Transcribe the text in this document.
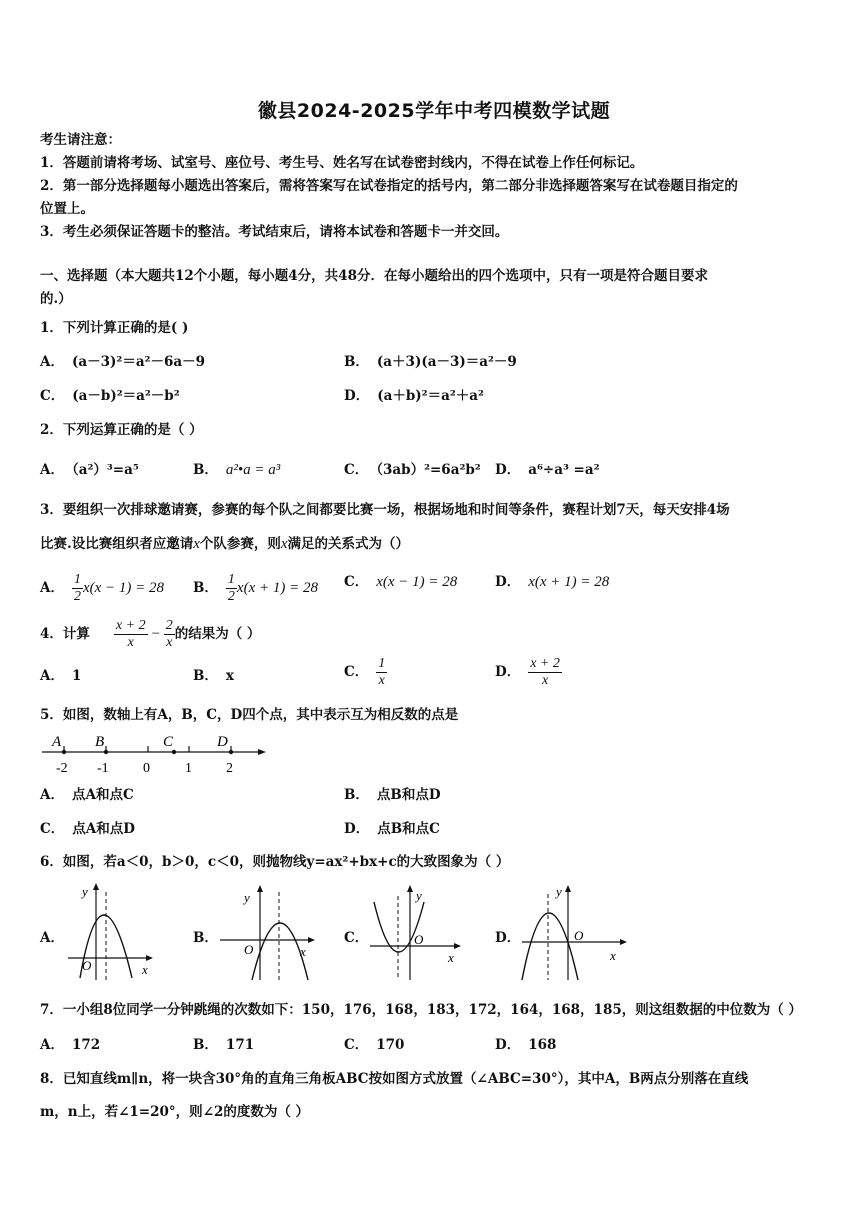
徽县2024-2025学年中考四模数学试题
考生请注意：
1．答题前请将考场、试室号、座位号、考生号、姓名写在试卷密封线内，不得在试卷上作任何标记。
2．第一部分选择题每小题选出答案后，需将答案写在试卷指定的括号内，第二部分非选择题答案写在试卷题目指定的
位置上。
3．考生必须保证答题卡的整洁。考试结束后，请将本试卷和答题卡一并交回。
一、选择题（本大题共12个小题，每小题4分，共48分．在每小题给出的四个选项中，只有一项是符合题目要求
的.）
1．下列计算正确的是( )
A． (a－3)²＝a²－6a－9	B． (a＋3)(a－3)＝a²－9
C． (a－b)²＝a²－b²	D． (a＋b)²＝a²＋a²
2．下列运算正确的是（ ）
A． （a²）³=a⁵	B． a²•a = a³	C． （3ab）²=6a²b² D． a⁶÷a³ =a²
3．要组织一次排球邀请赛，参赛的每个队之间都要比赛一场，根据场地和时间等条件，赛程计划7天，每天安排4场
比赛.设比赛组织者应邀请x个队参赛，则x满足的关系式为（）
A． $\frac{1}{2} x(x - 1) = 28$ B． $\frac{1}{2} x(x + 1) = 28$ C． x(x − 1) = 28	D． x(x + 1) = 28
4．计算 $\frac{x + 2}{x} - \frac{2}{x}$ 的结果为（ ）
A． 1	B． x	C． $\frac{1}{x}$	D． $\frac{x + 2}{x}$
5．如图，数轴上有A，B，C，D四个点，其中表示互为相反数的点是
A B	C	D
-2 -1 0	1 2
A． 点A和点C	B． 点B和点D
C． 点A和点D	D． 点B和点C
6．如图，若a＜0，b＞0，c＜0，则抛物线y=ax²+bx+c的大致图象为（ ）
A．
x
y
O
B．
x
y
O
C．
x
y
O	D．
x
y
O
7．一小组8位同学一分钟跳绳的次数如下：150，176，168，183，172，164，168，185，则这组数据的中位数为（ ）
A． 172	B． 171	C． 170	D． 168
8．已知直线m∥n，将一块含30°角的直角三角板ABC按如图方式放置（∠ABC=30°），其中A，B两点分别落在直线
m，n上，若∠1=20°，则∠2的度数为（ ）
